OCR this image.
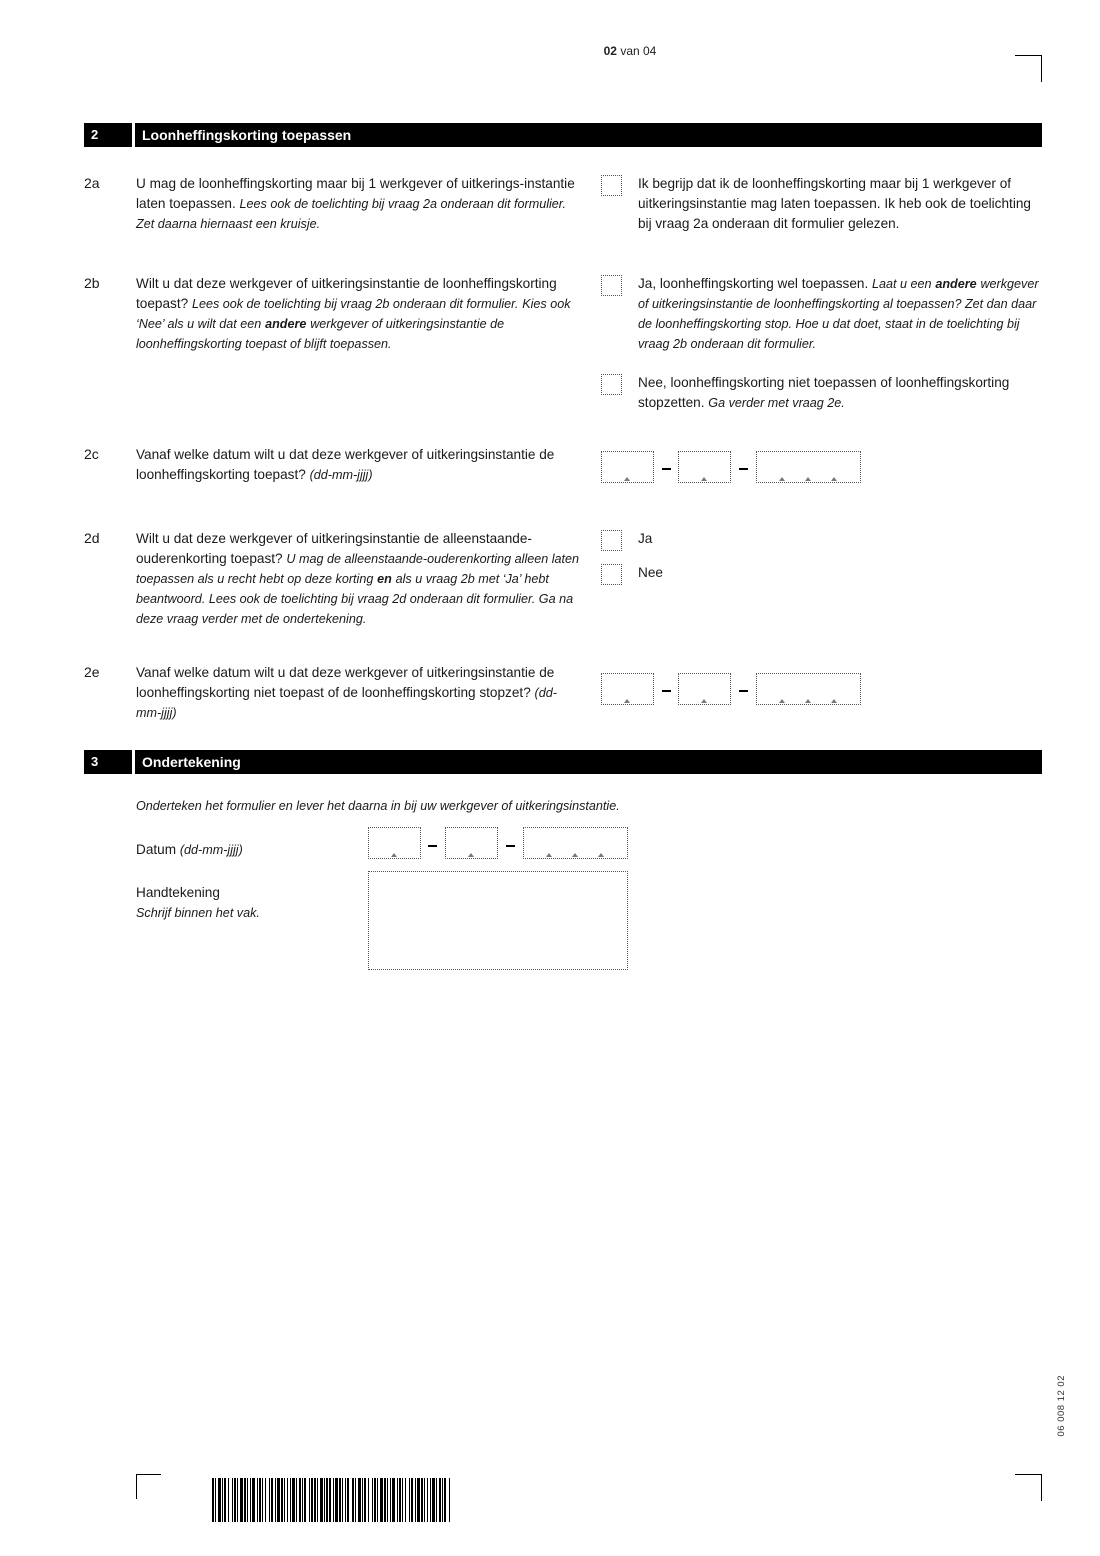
02 van 04
2	Loonheffingskorting toepassen
2a	U mag de loonheffingskorting maar bij 1 werkgever of uitkerings-instantie laten toepassen. Lees ook de toelichting bij vraag 2a onderaan dit formulier. Zet daarna hiernaast een kruisje.
Ik begrijp dat ik de loonheffingskorting maar bij 1 werkgever of uitkeringsinstantie mag laten toepassen. Ik heb ook de toelichting bij vraag 2a onderaan dit formulier gelezen.
2b	Wilt u dat deze werkgever of uitkeringsinstantie de loonheffingskorting toepast? Lees ook de toelichting bij vraag 2b onderaan dit formulier. Kies ook ‘Nee’ als u wilt dat een andere werkgever of uitkeringsinstantie de loonheffingskorting toepast of blijft toepassen.
Ja, loonheffingskorting wel toepassen. Laat u een andere werkgever of uitkeringsinstantie de loonheffingskorting al toepassen? Zet dan daar de loonheffingskorting stop. Hoe u dat doet, staat in de toelichting bij vraag 2b onderaan dit formulier.
Nee, loonheffingskorting niet toepassen of loonheffingskorting stopzetten. Ga verder met vraag 2e.
2c	Vanaf welke datum wilt u dat deze werkgever of uitkeringsinstantie de loonheffingskorting toepast? (dd-mm-jjjj)
2d	Wilt u dat deze werkgever of uitkeringsinstantie de alleenstaande-ouderenkorting toepast? U mag de alleenstaande-ouderenkorting alleen laten toepassen als u recht hebt op deze korting en als u vraag 2b met ‘Ja’ hebt beantwoord. Lees ook de toelichting bij vraag 2d onderaan dit formulier. Ga na deze vraag verder met de ondertekening.
Ja
Nee
2e	Vanaf welke datum wilt u dat deze werkgever of uitkeringsinstantie de loonheffingskorting niet toepast of de loonheffingskorting stopzet? (dd-mm-jjjj)
3	Ondertekening
Onderteken het formulier en lever het daarna in bij uw werkgever of uitkeringsinstantie.
Datum (dd-mm-jjjj)
Handtekening
Schrijf binnen het vak.
06 008 12 02
